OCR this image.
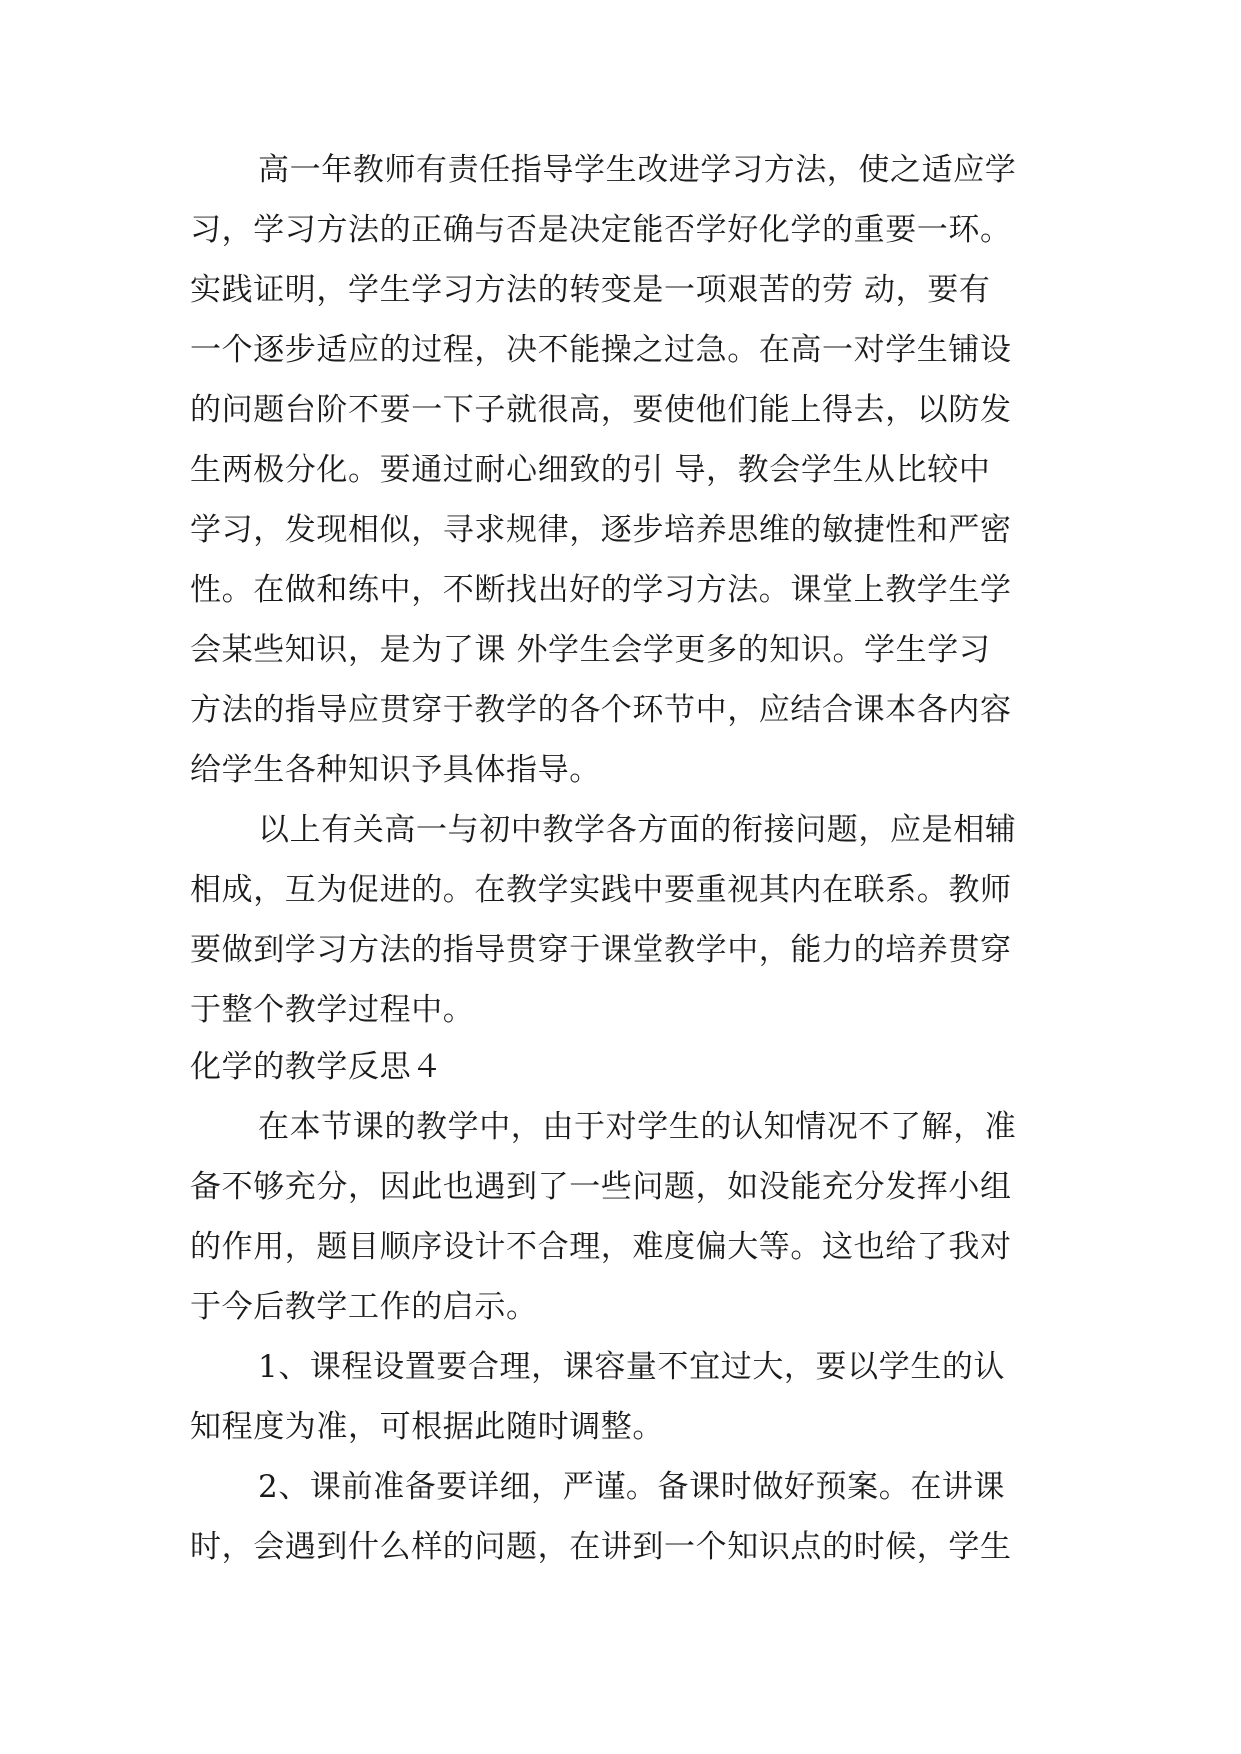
高一年教师有责任指导学生改进学习方法，使之适应学
习，学习方法的正确与否是决定能否学好化学的重要一环。
实践证明，学生学习方法的转变是一项艰苦的劳 动，要有
一个逐步适应的过程，决不能操之过急。在高一对学生铺设
的问题台阶不要一下子就很高，要使他们能上得去，以防发
生两极分化。要通过耐心细致的引 导，教会学生从比较中
学习，发现相似，寻求规律，逐步培养思维的敏捷性和严密
性。在做和练中，不断找出好的学习方法。课堂上教学生学
会某些知识，是为了课 外学生会学更多的知识。学生学习
方法的指导应贯穿于教学的各个环节中，应结合课本各内容
给学生各种知识予具体指导。
以上有关高一与初中教学各方面的衔接问题，应是相辅
相成，互为促进的。在教学实践中要重视其内在联系。教师
要做到学习方法的指导贯穿于课堂教学中，能力的培养贯穿
于整个教学过程中。
化学的教学反思４
在本节课的教学中，由于对学生的认知情况不了解，准
备不够充分，因此也遇到了一些问题，如没能充分发挥小组
的作用，题目顺序设计不合理，难度偏大等。这也给了我对
于今后教学工作的启示。
1、课程设置要合理，课容量不宜过大，要以学生的认
知程度为准，可根据此随时调整。
2、课前准备要详细，严谨。备课时做好预案。在讲课
时，会遇到什么样的问题，在讲到一个知识点的时候，学生
